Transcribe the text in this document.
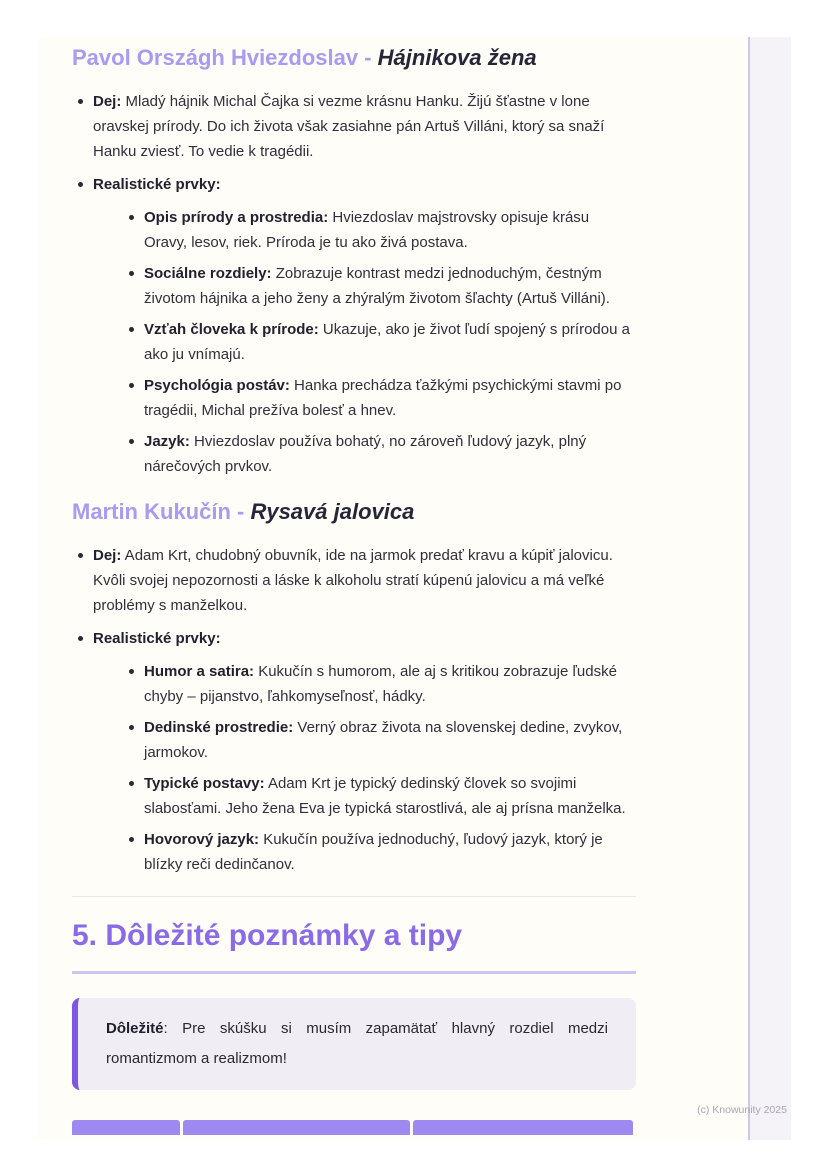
Pavol Országh Hviezdoslav - Hájnikova žena
Dej: Mladý hájnik Michal Čajka si vezme krásnu Hanku. Žijú šťastne v lone oravskej prírody. Do ich života však zasiahne pán Artuš Villáni, ktorý sa snaží Hanku zviesť. To vedie k tragédii.
Realistické prvky:
Opis prírody a prostredia: Hviezdoslav majstrovsky opisuje krásu Oravy, lesov, riek. Príroda je tu ako živá postava.
Sociálne rozdiely: Zobrazuje kontrast medzi jednoduchým, čestným životom hájnika a jeho ženy a zhýralým životom šľachty (Artuš Villáni).
Vzťah človeka k prírode: Ukazuje, ako je život ľudí spojený s prírodou a ako ju vnímajú.
Psychológia postáv: Hanka prechádza ťažkými psychickými stavmi po tragédii, Michal prežíva bolesť a hnev.
Jazyk: Hviezdoslav používa bohatý, no zároveň ľudový jazyk, plný nárečových prvkov.
Martin Kukučín - Rysavá jalovica
Dej: Adam Krt, chudobný obuvník, ide na jarmok predať kravu a kúpiť jalovicu. Kvôli svojej nepozornosti a láske k alkoholu stratí kúpenú jalovicu a má veľké problémy s manželkou.
Realistické prvky:
Humor a satira: Kukučín s humorom, ale aj s kritikou zobrazuje ľudské chyby – pijanstvo, ľahkomyseľnosť, hádky.
Dedinské prostredie: Verný obraz života na slovenskej dedine, zvykov, jarmokov.
Typické postavy: Adam Krt je typický dedinský človek so svojimi slabosťami. Jeho žena Eva je typická starostlivá, ale aj prísna manželka.
Hovorový jazyk: Kukučín používa jednoduchý, ľudový jazyk, ktorý je blízky reči dedinčanov.
5. Dôležité poznámky a tipy

Dôležité: Pre skúšku si musím zapamätať hlavný rozdiel medzi romantizmom a realizmom!

(c) Knowunity 2025
